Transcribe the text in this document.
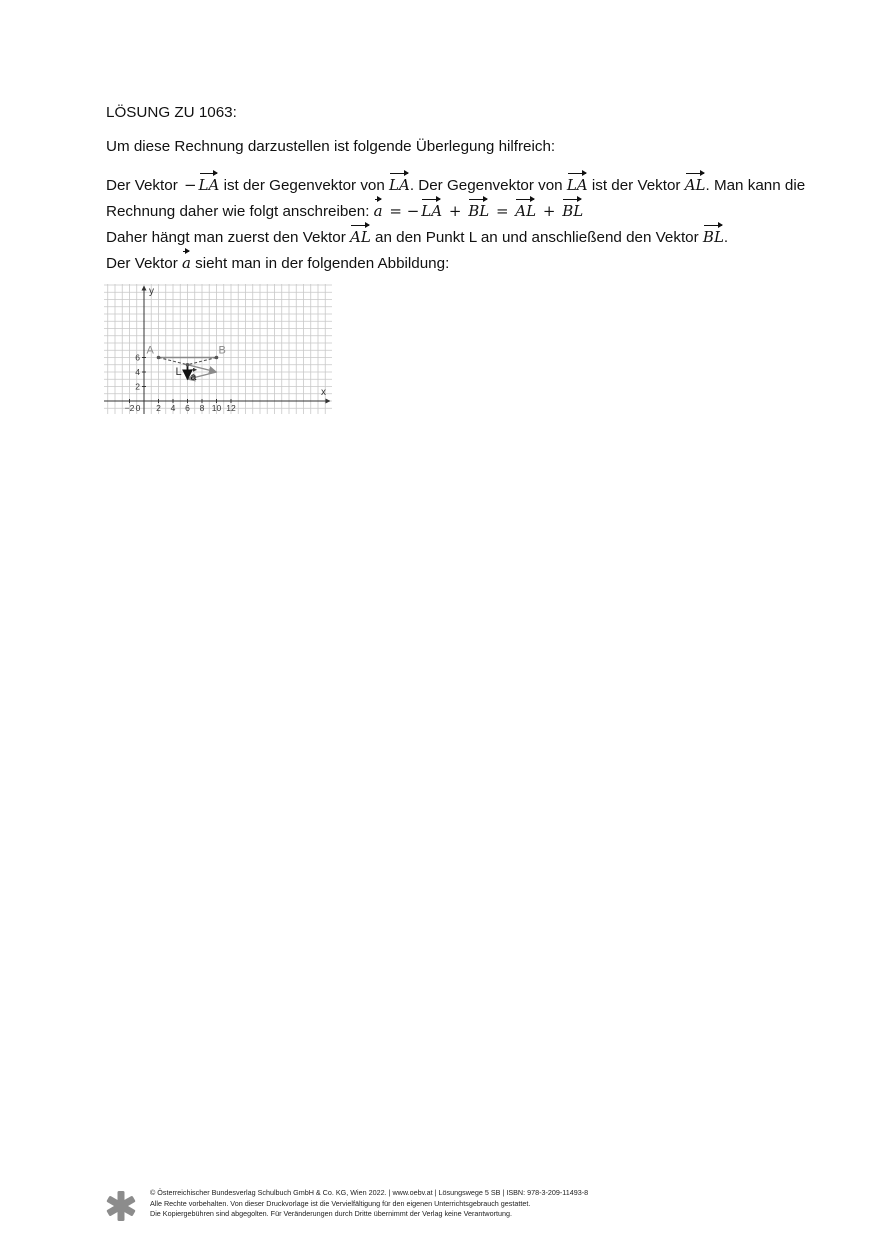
LÖSUNG ZU 1063:
Um diese Rechnung darzustellen ist folgende Überlegung hilfreich:
Der Vektor − LA ist der Gegenvektor von LA. Der Gegenvektor von LA ist der Vektor AL. Man kann die
Rechnung daher wie folgt anschreiben: a = − LA + BL = AL + BL
Daher hängt man zuerst den Vektor AL an den Punkt L an und anschließend den Vektor BL.
Der Vektor a sieht man in der folgenden Abbildung:
−2 0 2 4 6 8 10 12
2
4
6
x
y
A	B
L a
© Österreichischer Bundesverlag Schulbuch GmbH & Co. KG, Wien 2022. | www.oebv.at | Lösungswege 5 SB | ISBN: 978-3-209-11493-8
Alle Rechte vorbehalten. Von dieser Druckvorlage ist die Vervielfältigung für den eigenen Unterrichtsgebrauch gestattet.
Die Kopiergebühren sind abgegolten. Für Veränderungen durch Dritte übernimmt der Verlag keine Verantwortung.
